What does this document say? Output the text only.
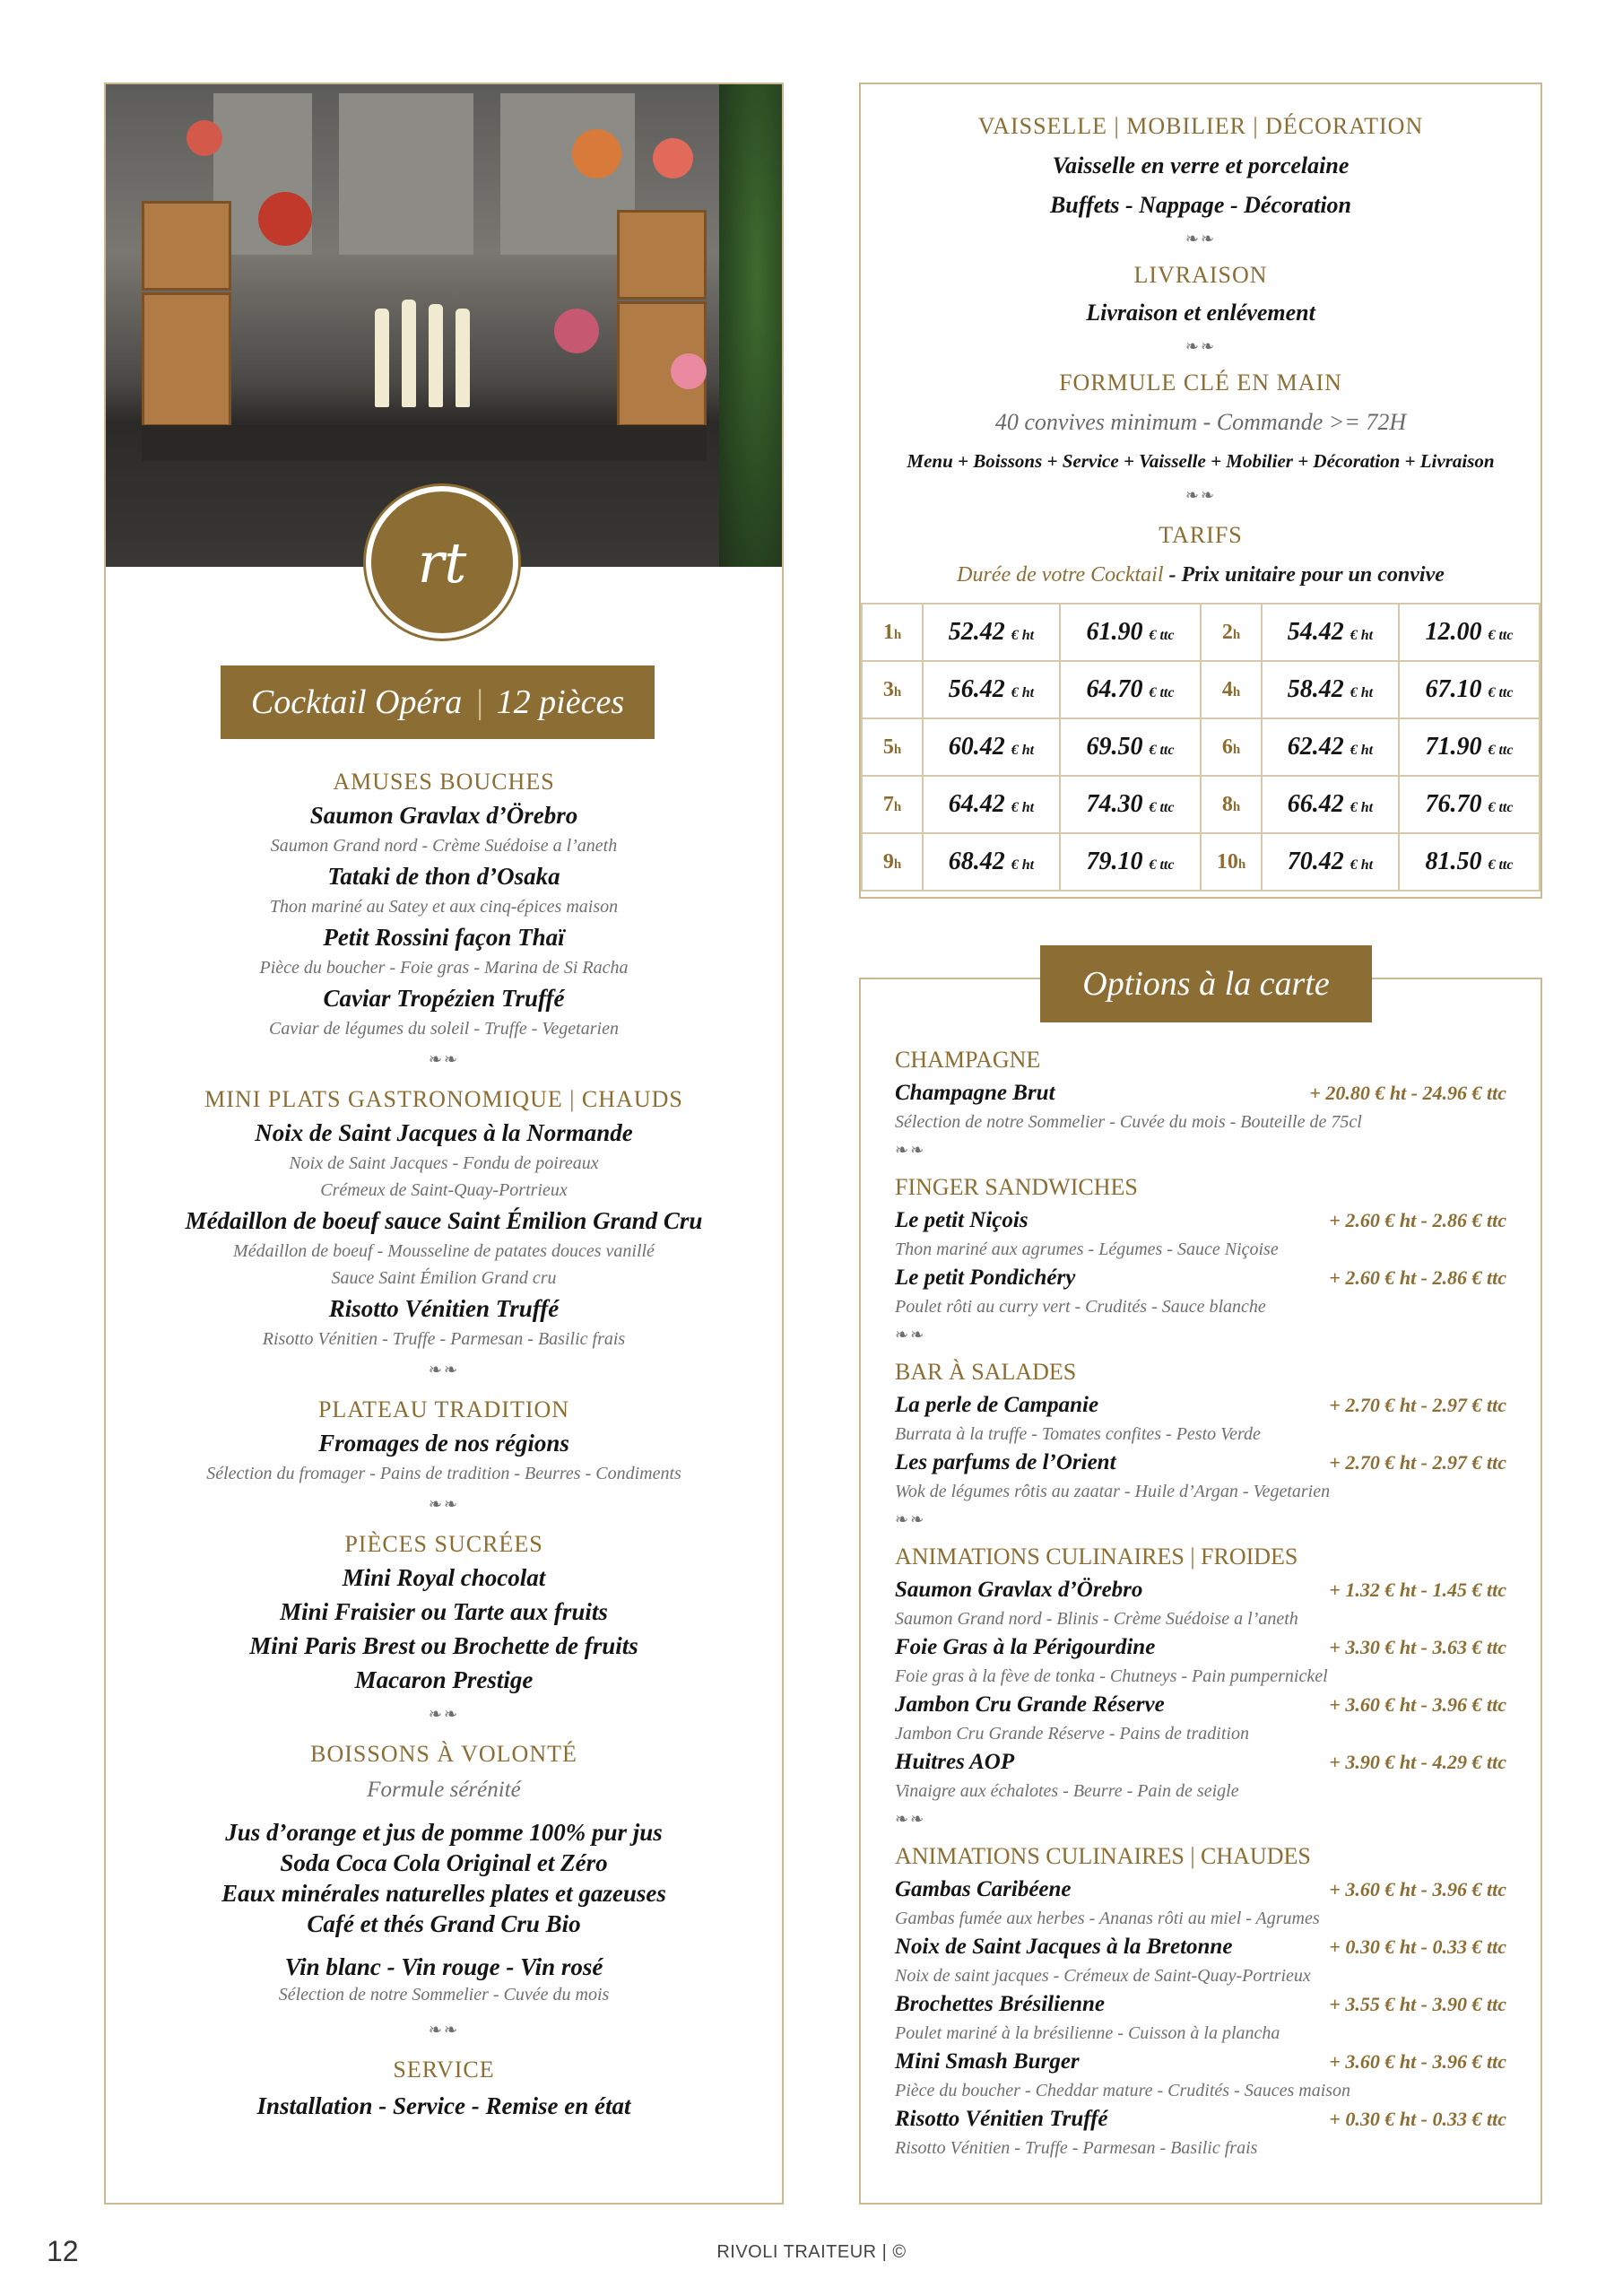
rt
Cocktail Opéra | 12 pièces
AMUSES BOUCHES
Saumon Gravlax d’Örebro
Saumon Grand nord - Crème Suédoise a l’aneth
Tataki de thon d’Osaka
Thon mariné au Satey et aux cinq-épices maison
Petit Rossini façon Thaï
Pièce du boucher - Foie gras - Marina de Si Racha
Caviar Tropézien Truffé
Caviar de légumes du soleil - Truffe - Vegetarien
❧❧
MINI PLATS GASTRONOMIQUE | CHAUDS
Noix de Saint Jacques à la Normande
Noix de Saint Jacques - Fondu de poireaux
Crémeux de Saint-Quay-Portrieux
Médaillon de boeuf sauce Saint Émilion Grand Cru
Médaillon de boeuf - Mousseline de patates douces vanillé
Sauce Saint Émilion Grand cru
Risotto Vénitien Truffé
Risotto Vénitien - Truffe - Parmesan - Basilic frais
❧❧
PLATEAU TRADITION
Fromages de nos régions
Sélection du fromager - Pains de tradition - Beurres - Condiments
❧❧
PIÈCES SUCRÉES
Mini Royal chocolat
Mini Fraisier ou Tarte aux fruits
Mini Paris Brest ou Brochette de fruits
Macaron Prestige
❧❧
BOISSONS À VOLONTÉ
Formule sérénité
Jus d’orange et jus de pomme 100% pur jus
Soda Coca Cola Original et Zéro
Eaux minérales naturelles plates et gazeuses
Café et thés Grand Cru Bio
Vin blanc - Vin rouge - Vin rosé
Sélection de notre Sommelier - Cuvée du mois
❧❧
SERVICE
Installation - Service - Remise en état
VAISSELLE | MOBILIER | DÉCORATION
Vaisselle en verre et porcelaine
Buffets - Nappage - Décoration
❧❧
LIVRAISON
Livraison et enlévement
❧❧
FORMULE CLÉ EN MAIN
40 convives minimum - Commande >= 72H
Menu + Boissons + Service + Vaisselle + Mobilier + Décoration + Livraison
❧❧
TARIFS
Durée de votre Cocktail - Prix unitaire pour un convive
1h	52.42 € ht	61.90 € ttc	2h	54.42 € ht	12.00 € ttc
3h	56.42 € ht	64.70 € ttc	4h	58.42 € ht	67.10 € ttc
5h	60.42 € ht	69.50 € ttc	6h	62.42 € ht	71.90 € ttc
7h	64.42 € ht	74.30 € ttc	8h	66.42 € ht	76.70 € ttc
9h	68.42 € ht	79.10 € ttc	10h	70.42 € ht	81.50 € ttc
Options à la carte
CHAMPAGNE
Champagne Brut	+ 20.80 € ht - 24.96 € ttc
Sélection de notre Sommelier - Cuvée du mois - Bouteille de 75cl
❧❧
FINGER SANDWICHES
Le petit Niçois	+ 2.60 € ht - 2.86 € ttc
Thon mariné aux agrumes - Légumes - Sauce Niçoise
Le petit Pondichéry	+ 2.60 € ht - 2.86 € ttc
Poulet rôti au curry vert - Crudités - Sauce blanche
❧❧
BAR À SALADES
La perle de Campanie	+ 2.70 € ht - 2.97 € ttc
Burrata à la truffe - Tomates confites - Pesto Verde
Les parfums de l’Orient	+ 2.70 € ht - 2.97 € ttc
Wok de légumes rôtis au zaatar - Huile d’Argan - Vegetarien
❧❧
ANIMATIONS CULINAIRES | FROIDES
Saumon Gravlax d’Örebro	+ 1.32 € ht - 1.45 € ttc
Saumon Grand nord - Blinis - Crème Suédoise a l’aneth
Foie Gras à la Périgourdine	+ 3.30 € ht - 3.63 € ttc
Foie gras à la fève de tonka - Chutneys - Pain pumpernickel
Jambon Cru Grande Réserve	+ 3.60 € ht - 3.96 € ttc
Jambon Cru Grande Réserve - Pains de tradition
Huitres AOP	+ 3.90 € ht - 4.29 € ttc
Vinaigre aux échalotes - Beurre - Pain de seigle
❧❧
ANIMATIONS CULINAIRES | CHAUDES
Gambas Caribéene	+ 3.60 € ht - 3.96 € ttc
Gambas fumée aux herbes - Ananas rôti au miel - Agrumes
Noix de Saint Jacques à la Bretonne	+ 0.30 € ht - 0.33 € ttc
Noix de saint jacques - Crémeux de Saint-Quay-Portrieux
Brochettes Brésilienne	+ 3.55 € ht - 3.90 € ttc
Poulet mariné à la brésilienne - Cuisson à la plancha
Mini Smash Burger	+ 3.60 € ht - 3.96 € ttc
Pièce du boucher - Cheddar mature - Crudités - Sauces maison
Risotto Vénitien Truffé	+ 0.30 € ht - 0.33 € ttc
Risotto Vénitien - Truffe - Parmesan - Basilic frais
12	RIVOLI TRAITEUR | ©
